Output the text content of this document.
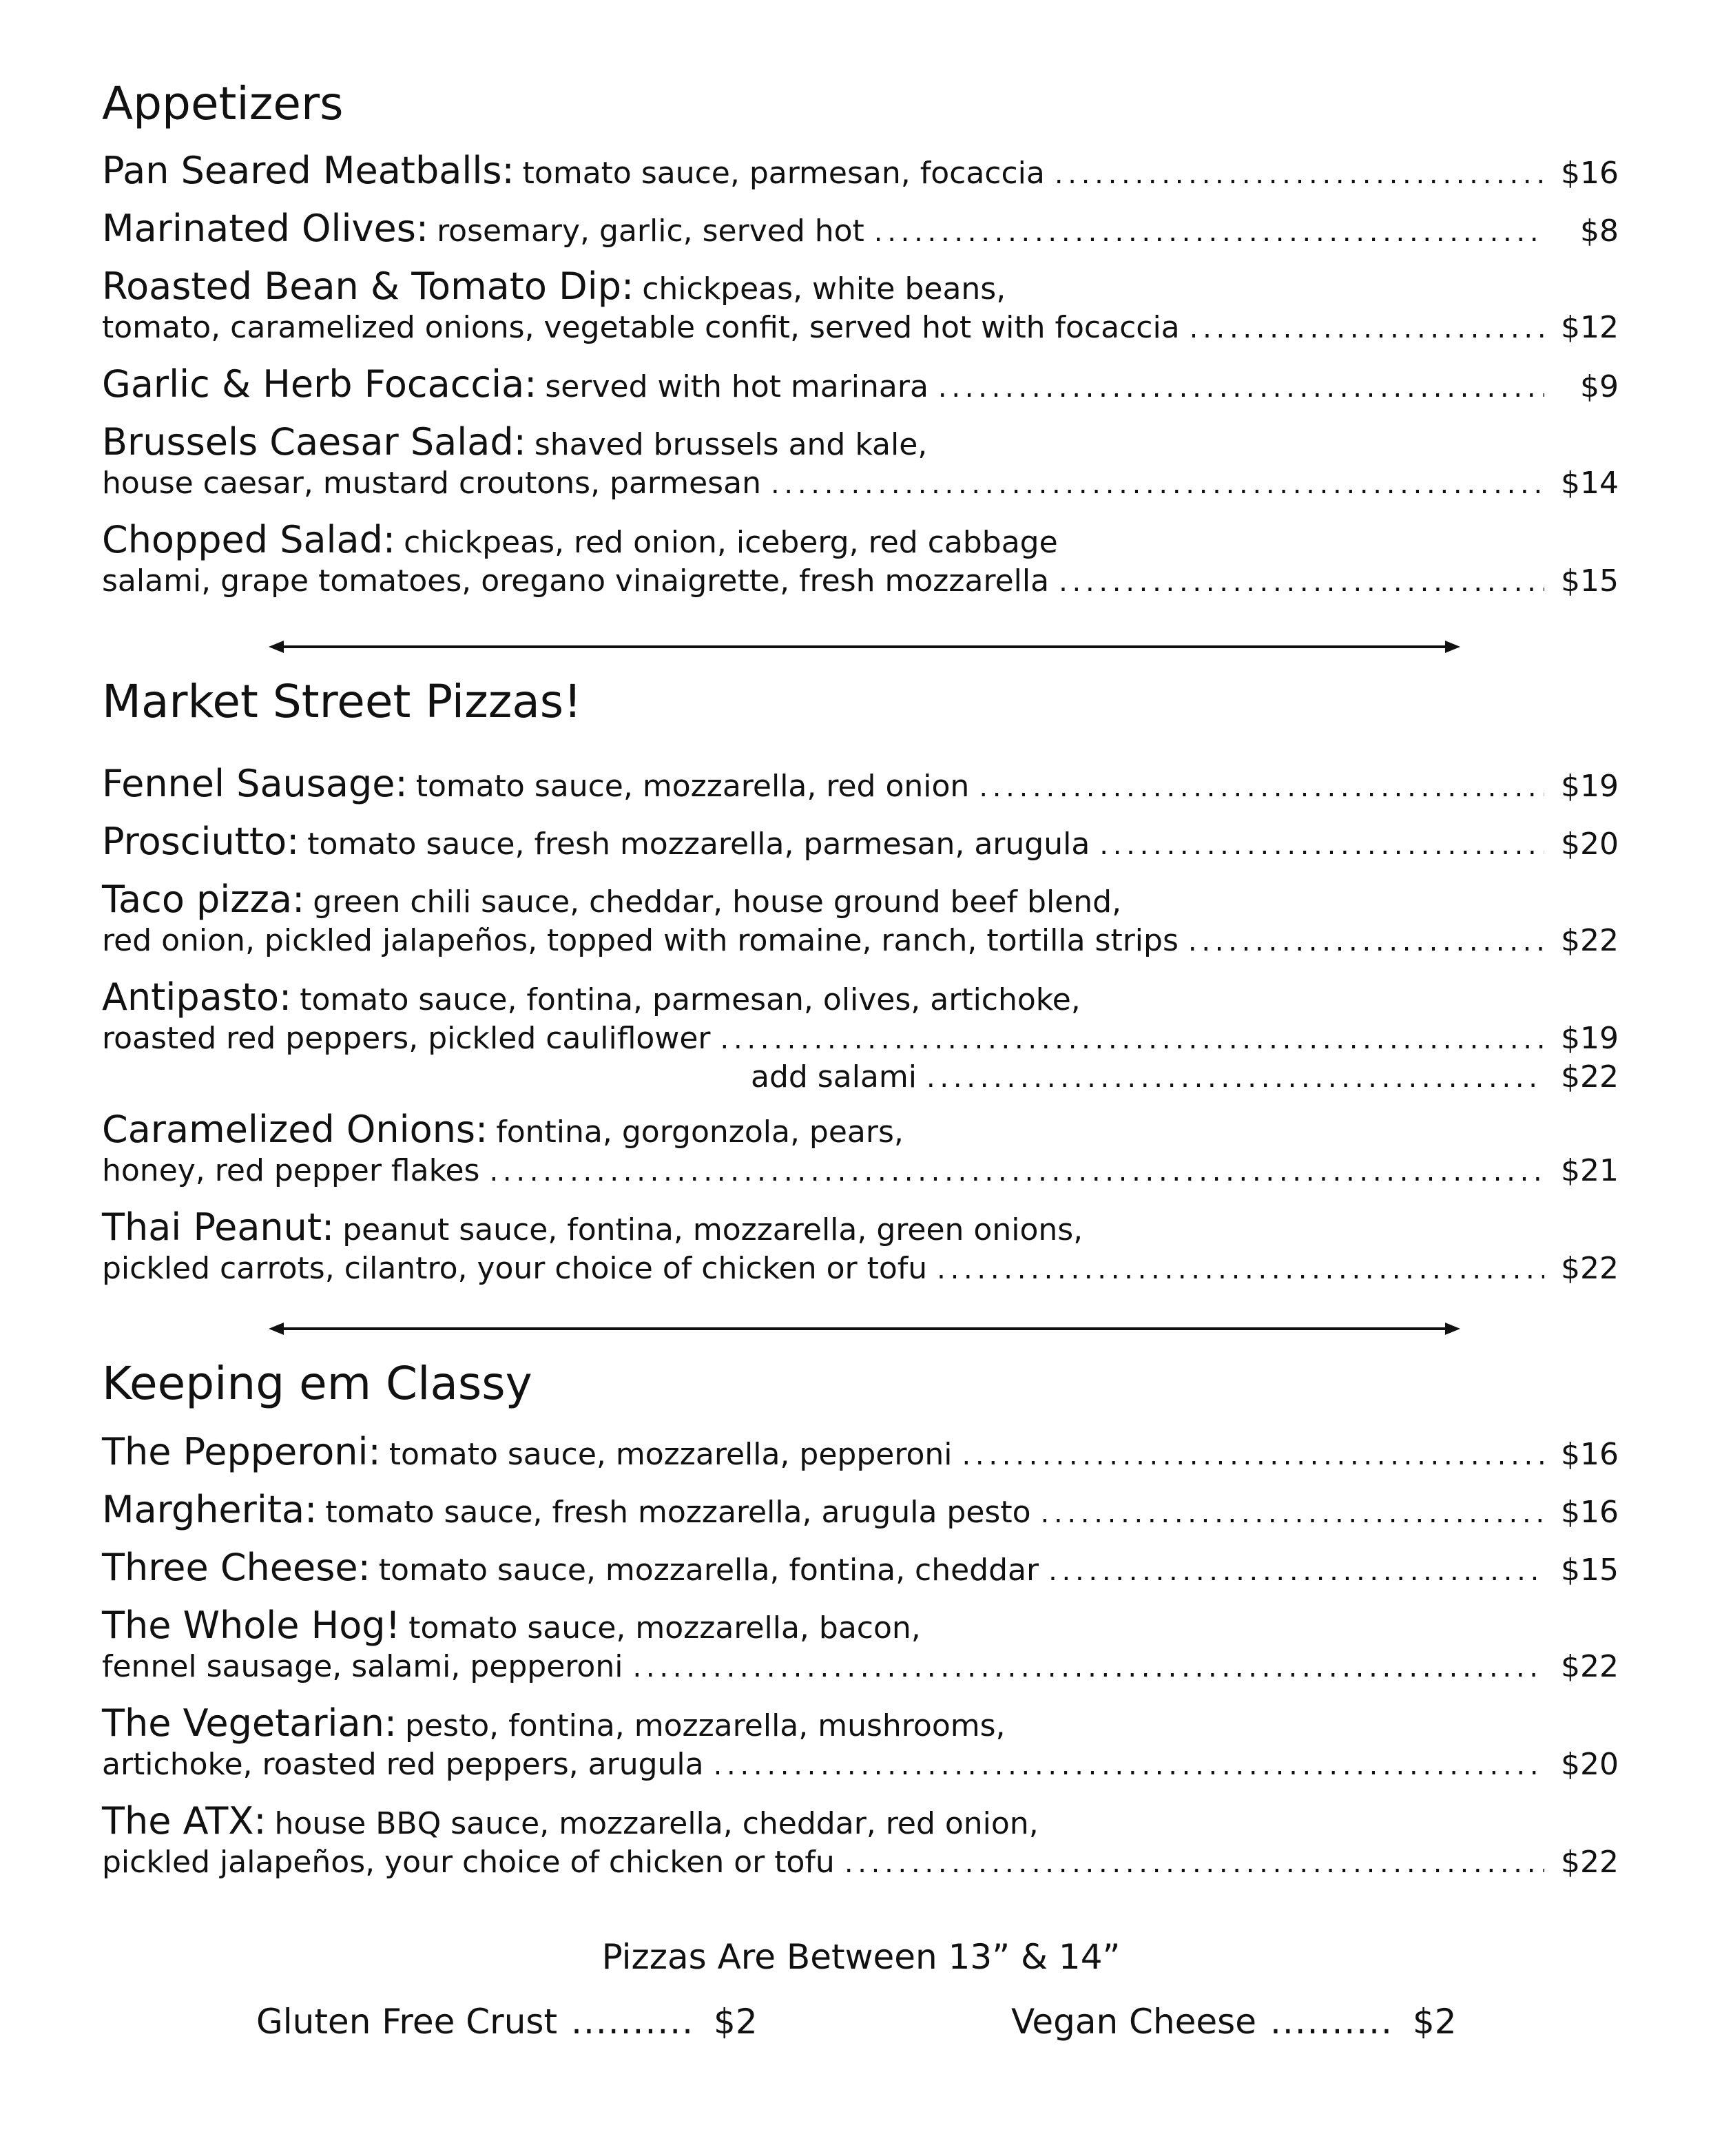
Appetizers
Pan Seared Meatballs: tomato sauce, parmesan, focaccia . . .	$16
Marinated Olives: rosemary, garlic, served hot . . .	$8
Roasted Bean & Tomato Dip: chickpeas, white beans,
tomato, caramelized onions, vegetable confit, served hot with focaccia . . .	$12
Garlic & Herb Focaccia: served with hot marinara . . .	$9
Brussels Caesar Salad: shaved brussels and kale,
house caesar, mustard croutons, parmesan . . .	$14
Chopped Salad: chickpeas, red onion, iceberg, red cabbage
salami, grape tomatoes, oregano vinaigrette, fresh mozzarella . . .	$15
Market Street Pizzas!
Fennel Sausage: tomato sauce, mozzarella, red onion . . .	$19
Prosciutto: tomato sauce, fresh mozzarella, parmesan, arugula . . .	$20
Taco pizza: green chili sauce, cheddar, house ground beef blend,
red onion, pickled jalapeños, topped with romaine, ranch, tortilla strips . . .	$22
Antipasto: tomato sauce, fontina, parmesan, olives, artichoke,
roasted red peppers, pickled cauliflower . . .	$19
add salami . . .	$22
Caramelized Onions: fontina, gorgonzola, pears,
honey, red pepper flakes . . .	$21
Thai Peanut: peanut sauce, fontina, mozzarella, green onions,
pickled carrots, cilantro, your choice of chicken or tofu . . .	$22
Keeping em Classy
The Pepperoni: tomato sauce, mozzarella, pepperoni . . .	$16
Margherita: tomato sauce, fresh mozzarella, arugula pesto . . .	$16
Three Cheese: tomato sauce, mozzarella, fontina, cheddar . . .	$15
The Whole Hog! tomato sauce, mozzarella, bacon,
fennel sausage, salami, pepperoni . . .	$22
The Vegetarian: pesto, fontina, mozzarella, mushrooms,
artichoke, roasted red peppers, arugula . . .	$20
The ATX: house BBQ sauce, mozzarella, cheddar, red onion,
pickled jalapeños, your choice of chicken or tofu . . .	$22
Pizzas Are Between 13” & 14”
Gluten Free Crust .......... $2	Vegan Cheese .......... $2
